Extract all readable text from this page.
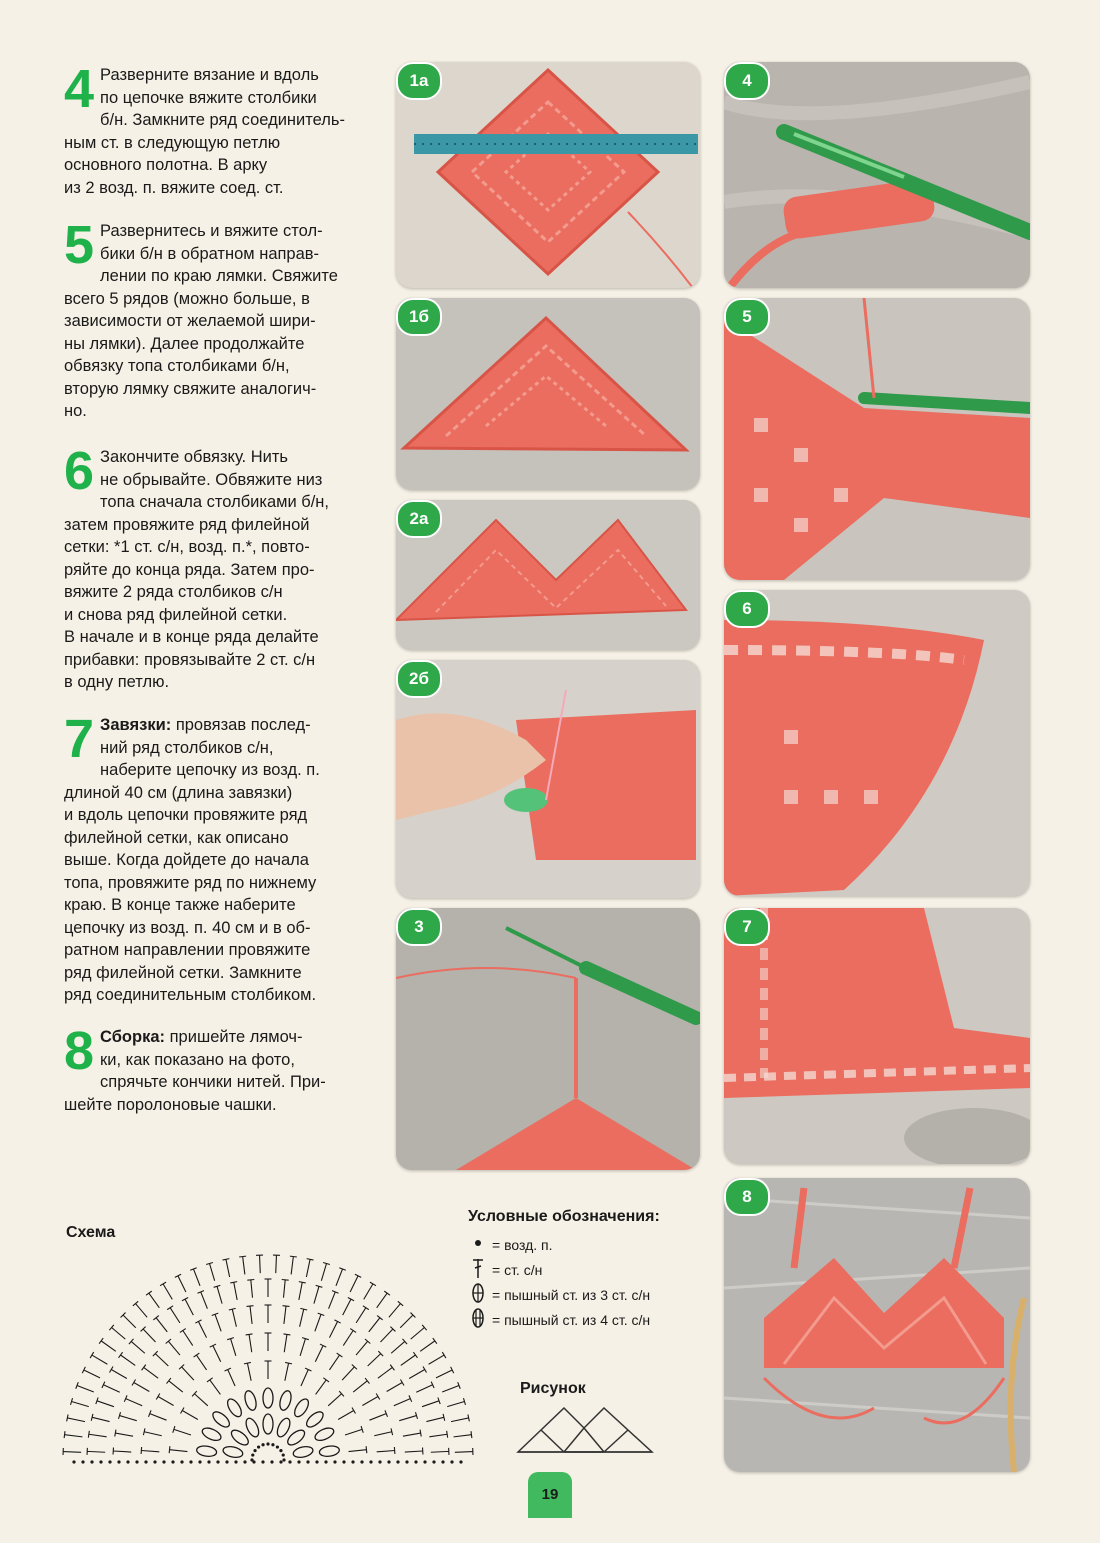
4 Разверните вязание и вдоль

по цепочке вяжите столбики

б/н. Замкните ряд соединитель-

ным ст. в следующую петлю

основного полотна. В арку

из 2 возд. п. вяжите соед. ст.

5 Развернитесь и вяжите стол-

бики б/н в обратном направ-

лении по краю лямки. Свяжите

всего 5 рядов (можно больше, в

зависимости от желаемой шири-

ны лямки). Далее продолжайте

обвязку топа столбиками б/н,

вторую лямку свяжите аналогич-

но.

6 Закончите обвязку. Нить

не обрывайте. Обвяжите низ

топа сначала столбиками б/н,

затем провяжите ряд филейной

сетки: *1 ст. с/н, возд. п.*, повто-

ряйте до конца ряда. Затем про-

вяжите 2 ряда столбиков с/н

и снова ряд филейной сетки.

В начале и в конце ряда делайте

прибавки: провязывайте 2 ст. с/н

в одну петлю.

7 Завязки: провязав послед-

ний ряд столбиков с/н,

наберите цепочку из возд. п.

длиной 40 см (длина завязки)

и вдоль цепочки провяжите ряд

филейной сетки, как описано

выше. Когда дойдете до начала

топа, провяжите ряд по нижнему

краю. В конце также наберите

цепочку из возд. п. 40 см и в об-

ратном направлении провяжите

ряд филейной сетки. Замкните

ряд соединительным столбиком.

8 Сборка: пришейте лямоч-

ки, как показано на фото,

спрячьте кончики нитей. При-

шейте поролоновые чашки.

1а	4
1б	5
2а
6
2б
3	7
8
Схема
Условные обозначения:
= возд. п.
= ст. с/н
= пышный ст. из 3 ст. с/н
= пышный ст. из 4 ст. с/н
Рисунок
19
